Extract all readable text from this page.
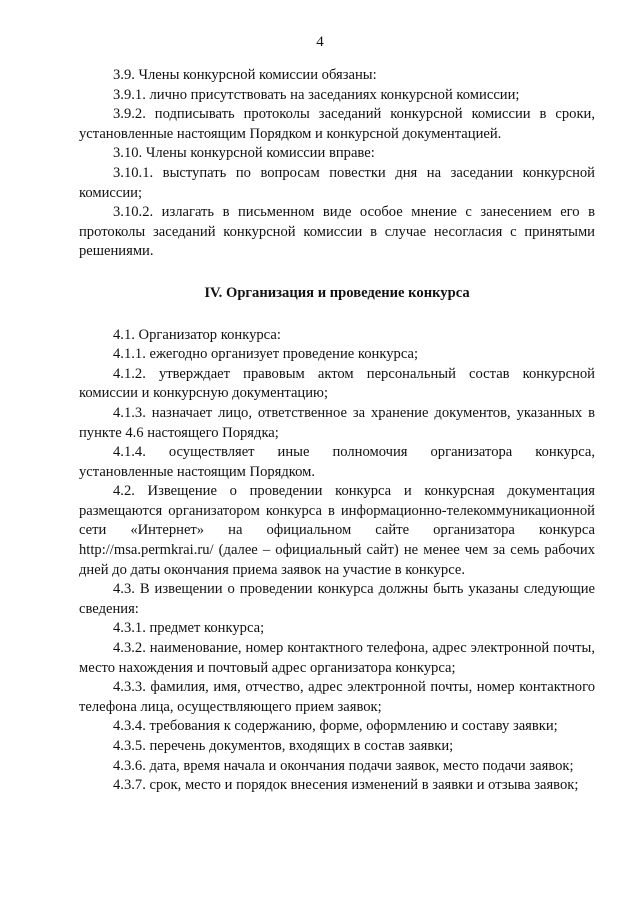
4

3.9. Члены конкурсной комиссии обязаны:

3.9.1. лично присутствовать на заседаниях конкурсной комиссии;

3.9.2. подписывать протоколы заседаний конкурсной комиссии в сроки, установленные настоящим Порядком и конкурсной документацией.

3.10. Члены конкурсной комиссии вправе:

3.10.1. выступать по вопросам повестки дня на заседании конкурсной комиссии;

3.10.2. излагать в письменном виде особое мнение с занесением его в протоколы заседаний конкурсной комиссии в случае несогласия с принятыми решениями.

IV. Организация и проведение конкурса

4.1. Организатор конкурса:

4.1.1. ежегодно организует проведение конкурса;

4.1.2. утверждает правовым актом персональный состав конкурсной комиссии и конкурсную документацию;

4.1.3. назначает лицо, ответственное за хранение документов, указанных в пункте 4.6 настоящего Порядка;

4.1.4. осуществляет иные полномочия организатора конкурса, установленные настоящим Порядком.

4.2. Извещение о проведении конкурса и конкурсная документация размещаются организатором конкурса в информационно-телекоммуникационной сети «Интернет» на официальном сайте организатора конкурса http://msa.permkrai.ru/ (далее – официальный сайт) не менее чем за семь рабочих дней до даты окончания приема заявок на участие в конкурсе.

4.3. В извещении о проведении конкурса должны быть указаны следующие сведения:

4.3.1. предмет конкурса;

4.3.2. наименование, номер контактного телефона, адрес электронной почты, место нахождения и почтовый адрес организатора конкурса;

4.3.3. фамилия, имя, отчество, адрес электронной почты, номер контактного телефона лица, осуществляющего прием заявок;

4.3.4. требования к содержанию, форме, оформлению и составу заявки;

4.3.5. перечень документов, входящих в состав заявки;

4.3.6. дата, время начала и окончания подачи заявок, место подачи заявок;

4.3.7. срок, место и порядок внесения изменений в заявки и отзыва заявок;
